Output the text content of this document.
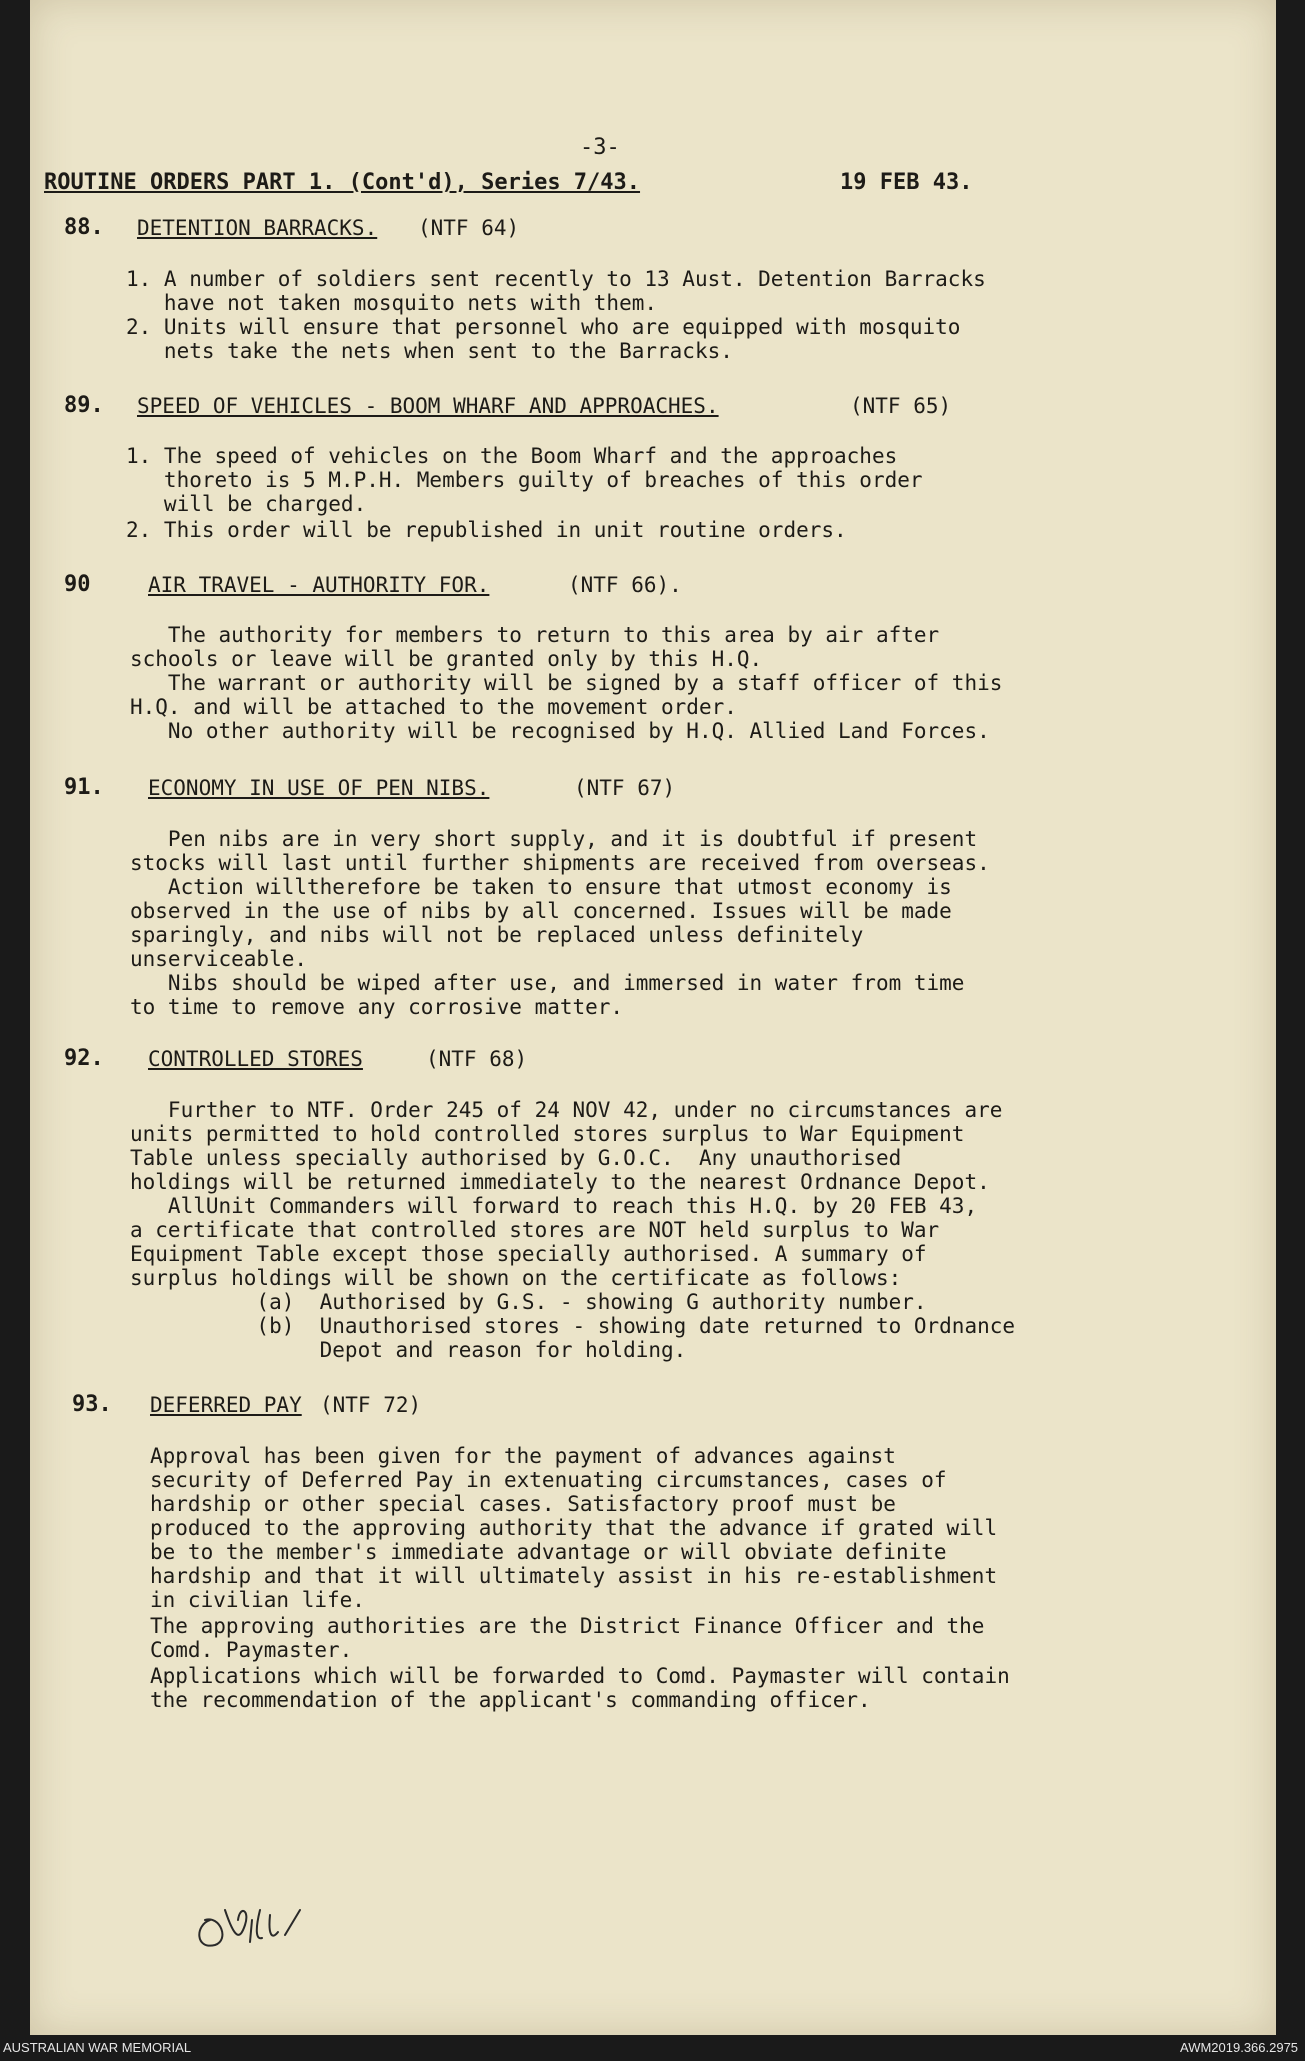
-3-
ROUTINE ORDERS PART 1. (Cont'd), Series 7/43.	19 FEB 43.
88. DETENTION BARRACKS. (NTF 64)
1. A number of soldiers sent recently to 13 Aust. Detention Barracks
have not taken mosquito nets with them.
2. Units will ensure that personnel who are equipped with mosquito
nets take the nets when sent to the Barracks.
89. SPEED OF VEHICLES - BOOM WHARF AND APPROACHES.	(NTF 65)
1. The speed of vehicles on the Boom Wharf and the approaches
thoreto is 5 M.P.H. Members guilty of breaches of this order
will be charged.
2. This order will be republished in unit routine orders.
90	AIR TRAVEL - AUTHORITY FOR.	(NTF 66).
The authority for members to return to this area by air after
schools or leave will be granted only by this H.Q.
The warrant or authority will be signed by a staff officer of this
H.Q. and will be attached to the movement order.
No other authority will be recognised by H.Q. Allied Land Forces.
91. ECONOMY IN USE OF PEN NIBS.	(NTF 67)
Pen nibs are in very short supply, and it is doubtful if present
stocks will last until further shipments are received from overseas.
Action willtherefore be taken to ensure that utmost economy is
observed in the use of nibs by all concerned. Issues will be made
sparingly, and nibs will not be replaced unless definitely
unserviceable.
Nibs should be wiped after use, and immersed in water from time
to time to remove any corrosive matter.
92. CONTROLLED STORES	(NTF 68)
Further to NTF. Order 245 of 24 NOV 42, under no circumstances are
units permitted to hold controlled stores surplus to War Equipment
Table unless specially authorised by G.O.C.  Any unauthorised
holdings will be returned immediately to the nearest Ordnance Depot.
AllUnit Commanders will forward to reach this H.Q. by 20 FEB 43,
a certificate that controlled stores are NOT held surplus to War
Equipment Table except those specially authorised. A summary of
surplus holdings will be shown on the certificate as follows:
(a)  Authorised by G.S. - showing G authority number.
(b)  Unauthorised stores - showing date returned to Ordnance
Depot and reason for holding.
93. DEFERRED PAY (NTF 72)
Approval has been given for the payment of advances against
security of Deferred Pay in extenuating circumstances, cases of
hardship or other special cases. Satisfactory proof must be
produced to the approving authority that the advance if grated will
be to the member's immediate advantage or will obviate definite
hardship and that it will ultimately assist in his re-establishment
in civilian life.
The approving authorities are the District Finance Officer and the
Comd. Paymaster.
Applications which will be forwarded to Comd. Paymaster will contain
the recommendation of the applicant's commanding officer.
AUSTRALIAN WAR MEMORIAL	AWM2019.366.2975
